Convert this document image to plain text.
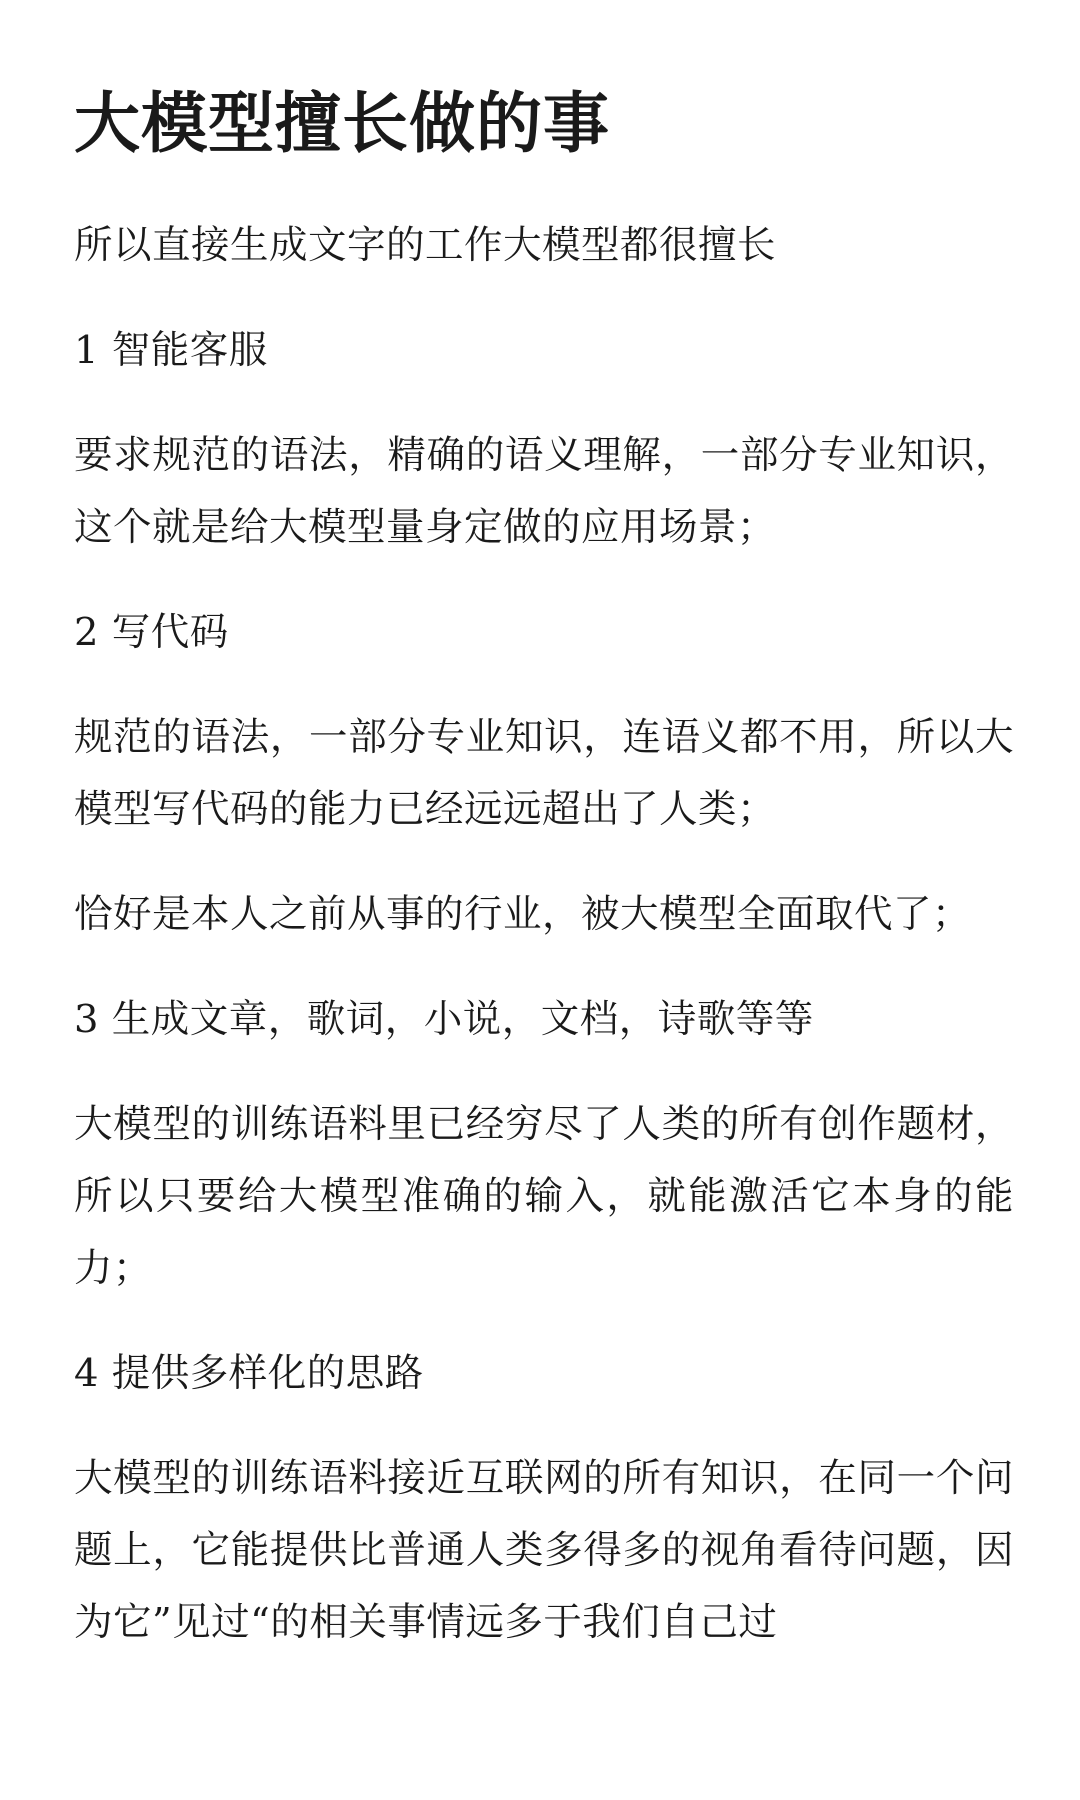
大模型擅长做的事

所以直接生成文字的工作大模型都很擅长

1 智能客服

要求规范的语法，精确的语义理解，一部分专业知识，这个就是给大模型量身定做的应用场景；

2 写代码

规范的语法，一部分专业知识，连语义都不用，所以大模型写代码的能力已经远远超出了人类；

恰好是本人之前从事的行业，被大模型全面取代了；

3 生成文章，歌词，小说，文档，诗歌等等

大模型的训练语料里已经穷尽了人类的所有创作题材，所以只要给大模型准确的输入，就能激活它本身的能力；

4 提供多样化的思路

大模型的训练语料接近互联网的所有知识，在同一个问题上，它能提供比普通人类多得多的视角看待问题，因为它”见过“的相关事情远多于我们自己过
